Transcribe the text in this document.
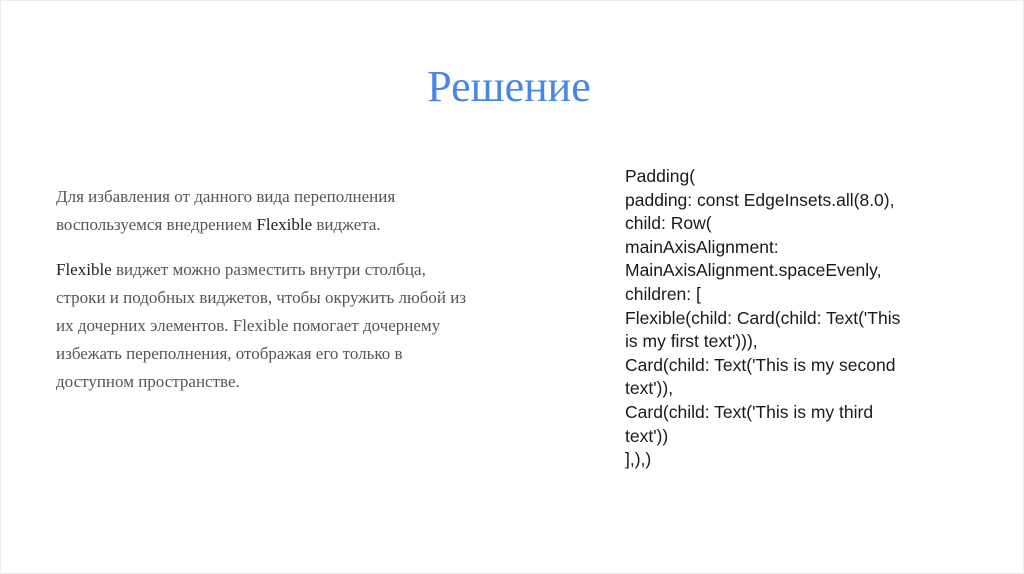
Решение

Для избавления от данного вида переполнения воспользуемся внедрением Flexible виджета.

Flexible виджет можно разместить внутри столбца, строки и подобных виджетов, чтобы окружить любой из их дочерних элементов. Flexible помогает дочернему избежать переполнения, отображая его только в доступном пространстве.

Padding(
padding: const EdgeInsets.all(8.0),
child: Row(
mainAxisAlignment:
MainAxisAlignment.spaceEvenly,
children: [
Flexible(child: Card(child: Text('This
is my first text'))),
Card(child: Text('This is my second
text')),
Card(child: Text('This is my third
text'))
],),)
